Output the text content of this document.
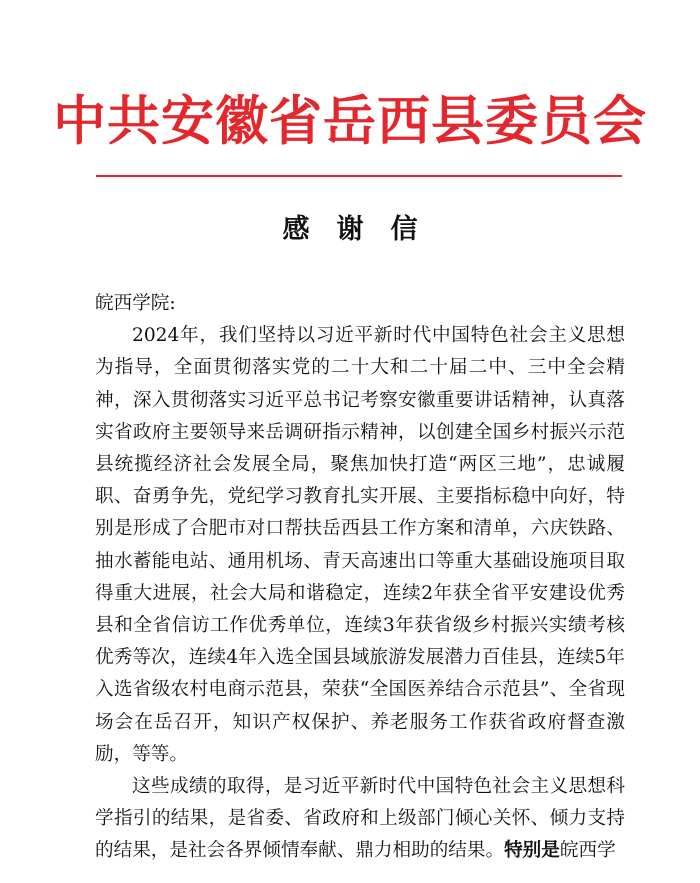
中共安徽省岳西县委员会
感　谢　信

皖西学院:

2024年，我们坚持以习近平新时代中国特色社会主义思想为指导，全面贯彻落实党的二十大和二十届二中、三中全会精神，深入贯彻落实习近平总书记考察安徽重要讲话精神，认真落实省政府主要领导来岳调研指示精神，以创建全国乡村振兴示范县统揽经济社会发展全局，聚焦加快打造“两区三地”，忠诚履职、奋勇争先，党纪学习教育扎实开展、主要指标稳中向好，特别是形成了合肥市对口帮扶岳西县工作方案和清单，六庆铁路、抽水蓄能电站、通用机场、青天高速出口等重大基础设施项目取得重大进展，社会大局和谐稳定，连续2年获全省平安建设优秀县和全省信访工作优秀单位，连续3年获省级乡村振兴实绩考核优秀等次，连续4年入选全国县域旅游发展潜力百佳县，连续5年入选省级农村电商示范县，荣获“全国医养结合示范县”、全省现场会在岳召开，知识产权保护、养老服务工作获省政府督查激励，等等。

这些成绩的取得，是习近平新时代中国特色社会主义思想科学指引的结果，是省委、省政府和上级部门倾心关怀、倾力支持的结果，是社会各界倾情奉献、鼎力相助的结果。特别是皖西学
